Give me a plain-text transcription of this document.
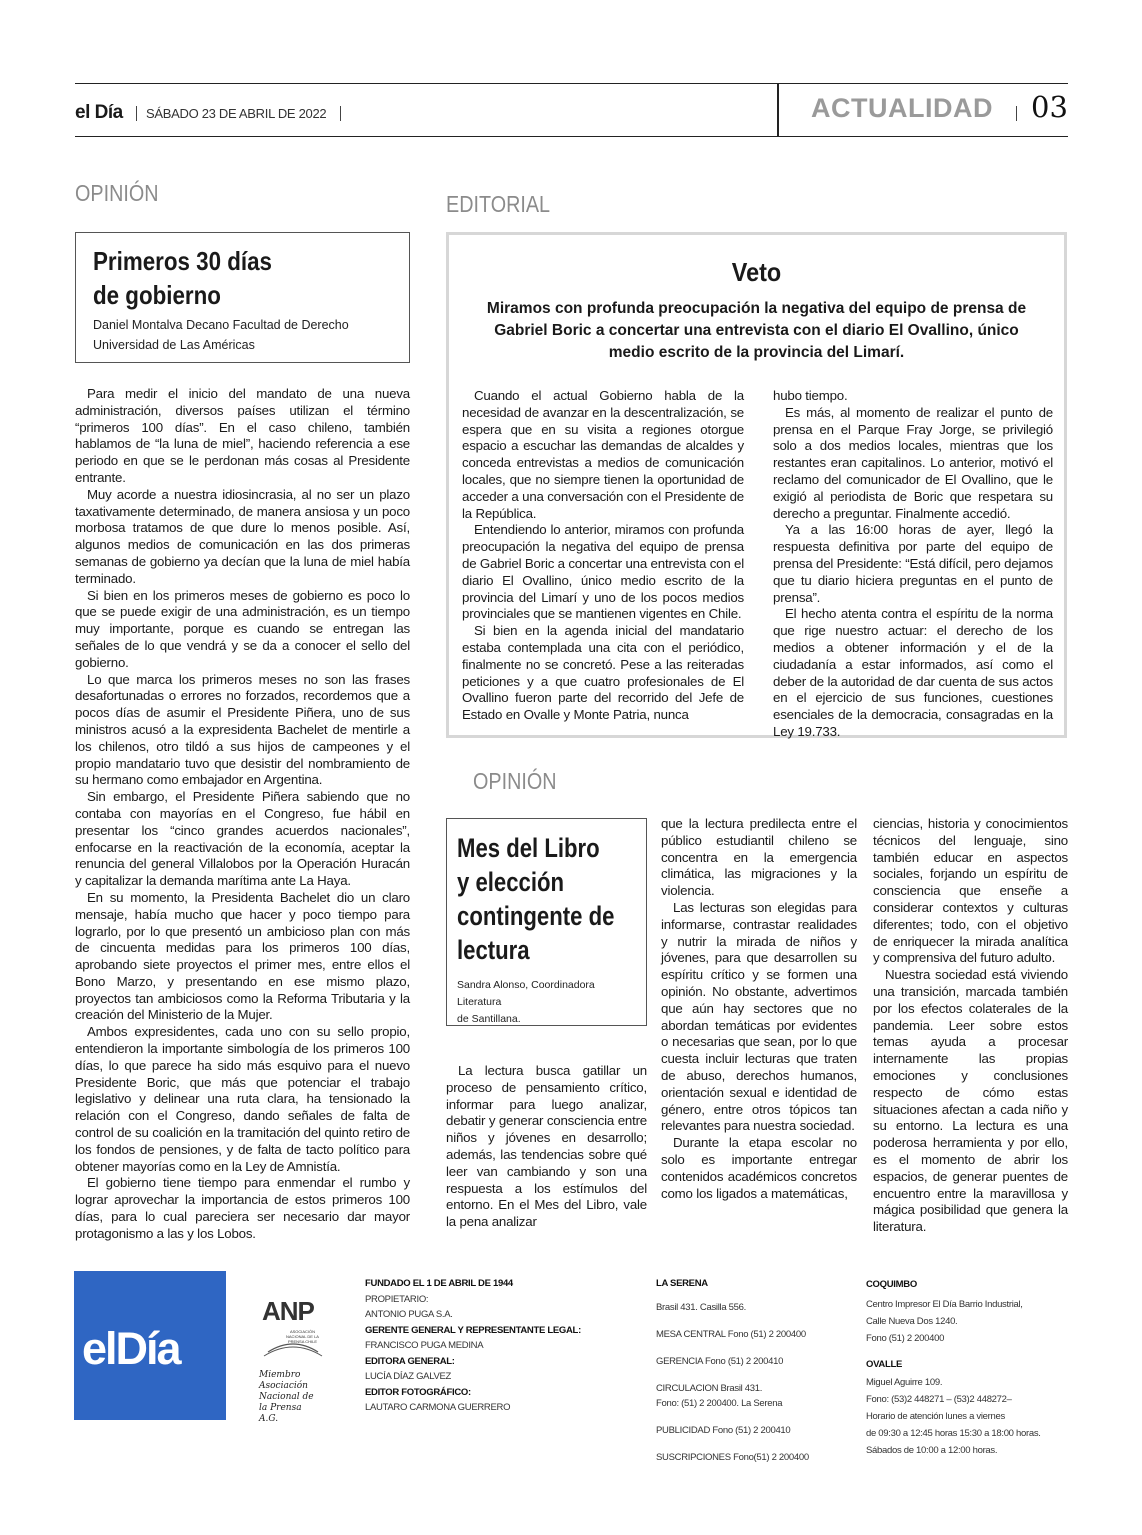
el Día SÁBADO 23 DE ABRIL DE 2022	ACTUALIDAD 03
OPINIÓN
Primeros 30 días
de gobierno
Daniel Montalva Decano Facultad de Derecho
Universidad de Las Américas

Para medir el inicio del mandato de una nueva administración, diversos países utilizan el término “primeros 100 días”. En el caso chileno, también hablamos de “la luna de miel”, haciendo referencia a ese periodo en que se le perdonan más cosas al Presidente entrante.

Muy acorde a nuestra idiosincrasia, al no ser un plazo taxativamente determinado, de manera ansiosa y un poco morbosa tratamos de que dure lo menos posible. Así, algunos medios de comunicación en las dos primeras semanas de gobierno ya decían que la luna de miel había terminado.

Si bien en los primeros meses de gobierno es poco lo que se puede exigir de una administración, es un tiempo muy importante, porque es cuando se entregan las señales de lo que vendrá y se da a conocer el sello del gobierno.

Lo que marca los primeros meses no son las frases desafortunadas o errores no forzados, recordemos que a pocos días de asumir el Presidente Piñera, uno de sus ministros acusó a la expresidenta Bachelet de mentirle a los chilenos, otro tildó a sus hijos de campeones y el propio mandatario tuvo que desistir del nombramiento de su hermano como embajador en Argentina.

Sin embargo, el Presidente Piñera sabiendo que no contaba con mayorías en el Congreso, fue hábil en presentar los “cinco grandes acuerdos nacionales”, enfocarse en la reactivación de la economía, aceptar la renuncia del general Villalobos por la Operación Huracán y capitalizar la demanda marítima ante La Haya.

En su momento, la Presidenta Bachelet dio un claro mensaje, había mucho que hacer y poco tiempo para lograrlo, por lo que presentó un ambicioso plan con más de cincuenta medidas para los primeros 100 días, aprobando siete proyectos el primer mes, entre ellos el Bono Marzo, y presentando en ese mismo plazo, proyectos tan ambiciosos como la Reforma Tributaria y la creación del Ministerio de la Mujer.

Ambos expresidentes, cada uno con su sello propio, entendieron la importante simbología de los primeros 100 días, lo que parece ha sido más esquivo para el nuevo Presidente Boric, que más que potenciar el trabajo legislativo y delinear una ruta clara, ha tensionado la relación con el Congreso, dando señales de falta de control de su coalición en la tramitación del quinto retiro de los fondos de pensiones, y de falta de tacto político para obtener mayorías como en la Ley de Amnistía.

El gobierno tiene tiempo para enmendar el rumbo y lograr aprovechar la importancia de estos primeros 100 días, para lo cual pareciera ser necesario dar mayor protagonismo a las y los Lobos.

EDITORIAL
Veto
Miramos con profunda preocupación la negativa del equipo de prensa de Gabriel Boric a concertar una entrevista con el diario El Ovallino, único medio escrito de la provincia del Limarí.

Cuando el actual Gobierno habla de la necesidad de avanzar en la descentralización, se espera que en su visita a regiones otorgue espacio a escuchar las demandas de alcaldes y conceda entrevistas a medios de comunicación locales, que no siempre tienen la oportunidad de acceder a una conversación con el Presidente de la República.

Entendiendo lo anterior, miramos con profunda preocupación la negativa del equipo de prensa de Gabriel Boric a concertar una entrevista con el diario El Ovallino, único medio escrito de la provincia del Limarí y uno de los pocos medios provinciales que se mantienen vigentes en Chile.

Si bien en la agenda inicial del mandatario estaba contemplada una cita con el periódico, finalmente no se concretó. Pese a las reiteradas peticiones y a que cuatro profesionales de El Ovallino fueron parte del recorrido del Jefe de Estado en Ovalle y Monte Patria, nunca

hubo tiempo.

Es más, al momento de realizar el punto de prensa en el Parque Fray Jorge, se privilegió solo a dos medios locales, mientras que los restantes eran capitalinos. Lo anterior, motivó el reclamo del comunicador de El Ovallino, que le exigió al periodista de Boric que respetara su derecho a preguntar. Finalmente accedió.

Ya a las 16:00 horas de ayer, llegó la respuesta definitiva por parte del equipo de prensa del Presidente: “Está difícil, pero dejamos que tu diario hiciera preguntas en el punto de prensa”.

El hecho atenta contra el espíritu de la norma que rige nuestro actuar: el derecho de los medios a obtener información y el de la ciudadanía a estar informados, así como el deber de la autoridad de dar cuenta de sus actos en el ejercicio de sus funciones, cuestiones esenciales de la democracia, consagradas en la Ley 19.733.

OPINIÓN
Mes del Libro
y elección
contingente de
lectura
Sandra Alonso, Coordinadora Literatura
de Santillana.

La lectura busca gatillar un proceso de pensamiento crítico, informar para luego analizar, debatir y generar consciencia entre niños y jóvenes en desarrollo; además, las tendencias sobre qué leer van cambiando y son una respuesta a los estímulos del entorno. En el Mes del Libro, vale la pena analizar

que la lectura predilecta entre el público estudiantil chileno se concentra en la emergencia climática, las migraciones y la violencia.

Las lecturas son elegidas para informarse, contrastar realidades y nutrir la mirada de niños y jóvenes, para que desarrollen su espíritu crítico y se formen una opinión. No obstante, advertimos que aún hay sectores que no abordan temáticas por evidentes o necesarias que sean, por lo que cuesta incluir lecturas que traten de abuso, derechos humanos, orientación sexual e identidad de género, entre otros tópicos tan relevantes para nuestra sociedad.

Durante la etapa escolar no solo es importante entregar contenidos académicos concretos como los ligados a matemáticas,

ciencias, historia y conocimientos técnicos del lenguaje, sino también educar en aspectos sociales, forjando un espíritu de consciencia que enseñe a considerar contextos y culturas diferentes; todo, con el objetivo de enriquecer la mirada analítica y comprensiva del futuro adulto.

Nuestra sociedad está viviendo una transición, marcada también por los efectos colaterales de la pandemia. Leer sobre estos temas ayuda a procesar internamente las propias emociones y conclusiones respecto de cómo estas situaciones afectan a cada niño y su entorno. La lectura es una poderosa herramienta y por ello, es el momento de abrir los espacios, de generar puentes de encuentro entre la maravillosa y mágica posibilidad que genera la literatura.

elDía
ANP
ASOCIACIÓN NACIONAL DE LA PRENSA CHILE
Miembro
Asociación
Nacional de
la Prensa
A.G.
FUNDADO EL 1 DE ABRIL DE 1944
PROPIETARIO:
ANTONIO PUGA S.A.
GERENTE GENERAL Y REPRESENTANTE LEGAL:
FRANCISCO PUGA MEDINA
EDITORA GENERAL:
LUCÍA DÍAZ GALVEZ
EDITOR FOTOGRÁFICO:
LAUTARO CARMONA GUERRERO
LA SERENA
Brasil 431. Casilla 556.
MESA CENTRAL Fono (51) 2 200400
GERENCIA Fono (51) 2 200410
CIRCULACION Brasil 431.
Fono: (51) 2 200400. La Serena
PUBLICIDAD Fono (51) 2 200410
SUSCRIPCIONES Fono(51) 2 200400
COQUIMBO
Centro Impresor El Día Barrio Industrial,
Calle Nueva Dos 1240.
Fono (51) 2 200400
OVALLE
Miguel Aguirre 109.
Fono: (53)2 448271 – (53)2 448272–
Horario de atención lunes a viernes
de 09:30 a 12:45 horas 15:30 a 18:00 horas.
Sábados de 10:00 a 12:00 horas.
